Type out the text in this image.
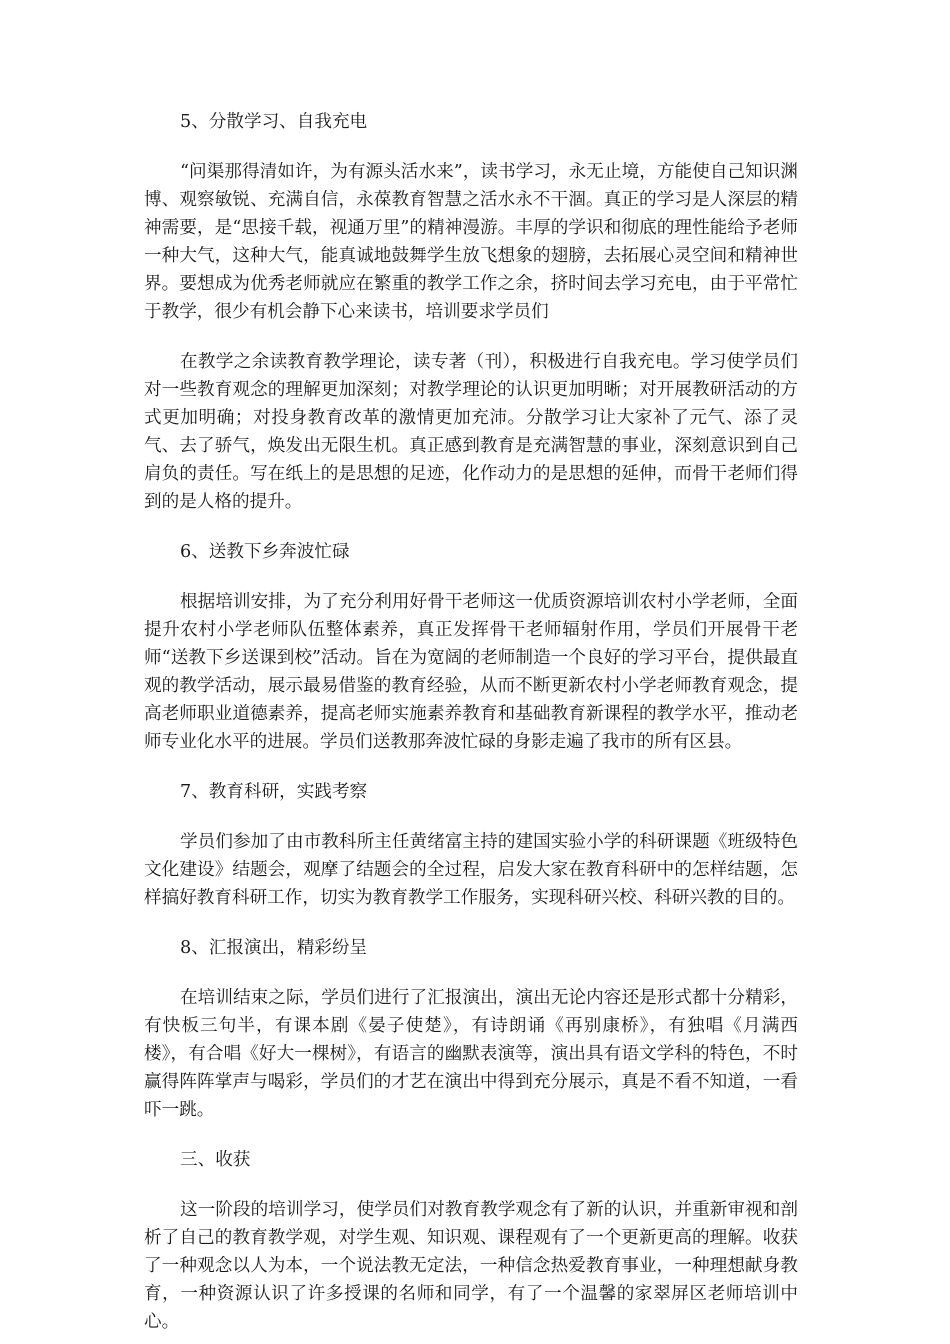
5、分散学习、自我充电

“问渠那得清如许，为有源头活水来”，读书学习，永无止境，方能使自己知识渊博、观察敏锐、充满自信，永葆教育智慧之活水永不干涸。真正的学习是人深层的精神需要，是“思接千载，视通万里”的精神漫游。丰厚的学识和彻底的理性能给予老师一种大气，这种大气，能真诚地鼓舞学生放飞想象的翅膀，去拓展心灵空间和精神世界。要想成为优秀老师就应在繁重的教学工作之余，挤时间去学习充电，由于平常忙于教学，很少有机会静下心来读书，培训要求学员们

在教学之余读教育教学理论，读专著（刊），积极进行自我充电。学习使学员们对一些教育观念的理解更加深刻；对教学理论的认识更加明晰；对开展教研活动的方式更加明确；对投身教育改革的激情更加充沛。分散学习让大家补了元气、添了灵气、去了骄气，焕发出无限生机。真正感到教育是充满智慧的事业，深刻意识到自己肩负的责任。写在纸上的是思想的足迹，化作动力的是思想的延伸，而骨干老师们得到的是人格的提升。

6、送教下乡奔波忙碌

根据培训安排，为了充分利用好骨干老师这一优质资源培训农村小学老师，全面提升农村小学老师队伍整体素养，真正发挥骨干老师辐射作用，学员们开展骨干老师“送教下乡送课到校”活动。旨在为宽阔的老师制造一个良好的学习平台，提供最直观的教学活动，展示最易借鉴的教育经验，从而不断更新农村小学老师教育观念，提高老师职业道德素养，提高老师实施素养教育和基础教育新课程的教学水平，推动老师专业化水平的进展。学员们送教那奔波忙碌的身影走遍了我市的所有区县。

7、教育科研，实践考察

学员们参加了由市教科所主任黄绪富主持的建国实验小学的科研课题《班级特色文化建设》结题会，观摩了结题会的全过程，启发大家在教育科研中的怎样结题，怎样搞好教育科研工作，切实为教育教学工作服务，实现科研兴校、科研兴教的目的。

8、汇报演出，精彩纷呈

在培训结束之际，学员们进行了汇报演出，演出无论内容还是形式都十分精彩，有快板三句半，有课本剧《晏子使楚》，有诗朗诵《再别康桥》，有独唱《月满西楼》，有合唱《好大一棵树》，有语言的幽默表演等，演出具有语文学科的特色，不时赢得阵阵掌声与喝彩，学员们的才艺在演出中得到充分展示，真是不看不知道，一看吓一跳。

三、收获

这一阶段的培训学习，使学员们对教育教学观念有了新的认识，并重新审视和剖析了自己的教育教学观，对学生观、知识观、课程观有了一个更新更高的理解。收获了一种观念以人为本，一个说法教无定法，一种信念热爱教育事业，一种理想献身教育，一种资源认识了许多授课的名师和同学，有了一个温馨的家翠屏区老师培训中心。
